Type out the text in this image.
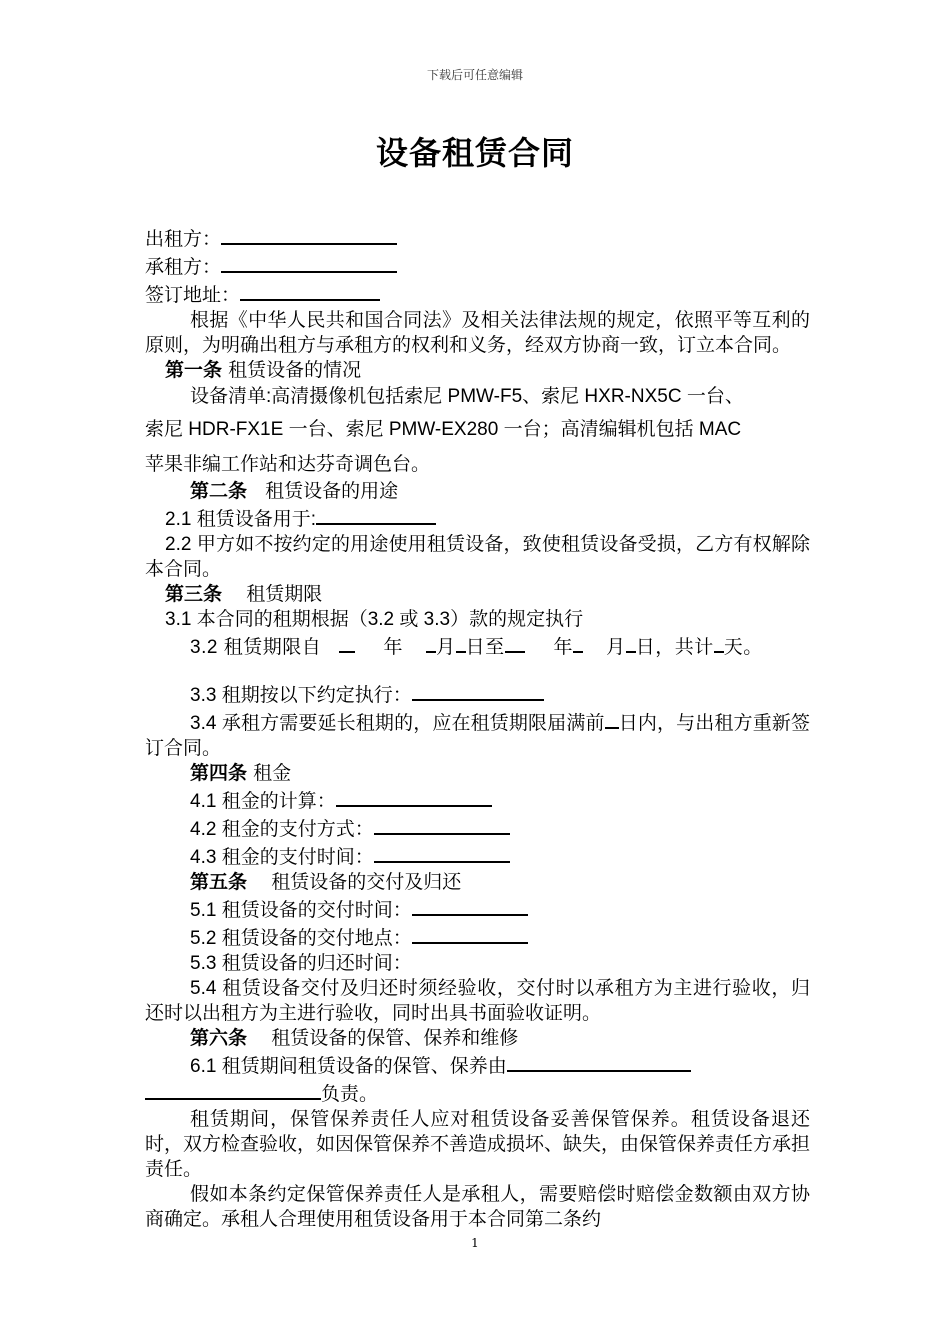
下载后可任意编辑
设备租赁合同

出租方：

承租方：

签订地址：

根据《中华人民共和国合同法》及相关法律法规的规定，依照平等互利的原则，为明确出租方与承租方的权利和义务，经双方协商一致，订立本合同。

第一条 租赁设备的情况

设备清单:高清摄像机包括索尼 PMW-F5、索尼 HXR-NX5C 一台、

索尼 HDR-FX1E 一台、索尼 PMW-EX280 一台；高清编辑机包括 MAC

苹果非编工作站和达芬奇调色台。

第二条 租赁设备的用途

2.1 租赁设备用于:

2.2 甲方如不按约定的用途使用租赁设备，致使租赁设备受损，乙方有权解除本合同。

第三条 租赁期限

3.1 本合同的租期根据（3.2 或 3.3）款的规定执行

3.2 租赁期限自	年 月 日至	年 月 日，共计 天。

3.3 租期按以下约定执行：

3.4 承租方需要延长租期的，应在租赁期限届满前 日内，与出租方重新签订合同。

第四条 租金

4.1 租金的计算：

4.2 租金的支付方式：

4.3 租金的支付时间：

第五条 租赁设备的交付及归还

5.1 租赁设备的交付时间：

5.2 租赁设备的交付地点：

5.3 租赁设备的归还时间：

5.4 租赁设备交付及归还时须经验收，交付时以承租方为主进行验收，归还时以出租方为主进行验收，同时出具书面验收证明。

第六条 租赁设备的保管、保养和维修

6.1 租赁期间租赁设备的保管、保养由

负责。

租赁期间，保管保养责任人应对租赁设备妥善保管保养。租赁设备退还时，双方检查验收，如因保管保养不善造成损坏、缺失，由保管保养责任方承担责任。

假如本条约定保管保养责任人是承租人，需要赔偿时赔偿金数额由双方协商确定。承租人合理使用租赁设备用于本合同第二条约

1
